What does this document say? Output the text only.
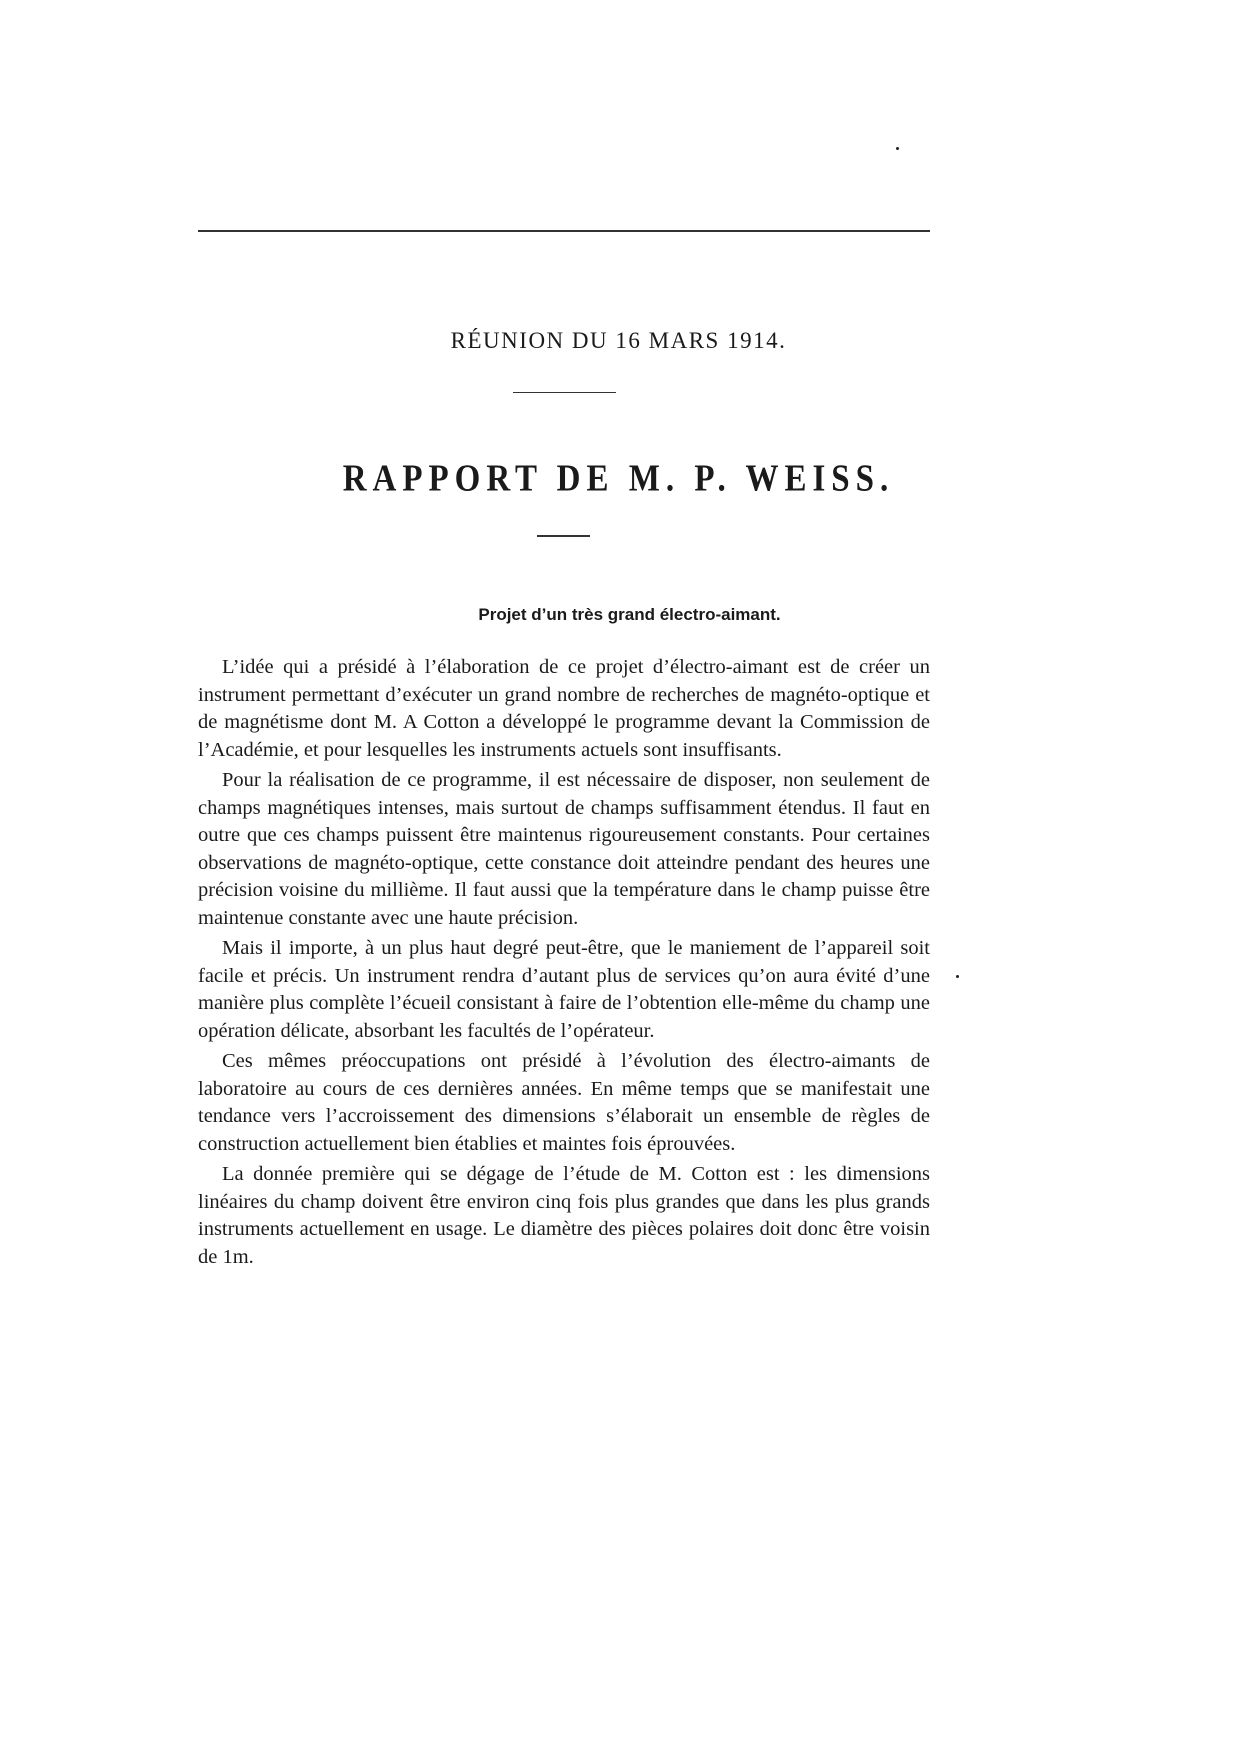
RÉUNION DU 16 MARS 1914.
RAPPORT DE M. P. WEISS.
Projet d’un très grand électro-aimant.

L’idée qui a présidé à l’élaboration de ce projet d’électro-aimant est de créer un instrument permettant d’exécuter un grand nombre de recherches de magnéto-optique et de magnétisme dont M. A Cotton a développé le programme devant la Commission de l’Académie, et pour lesquelles les instruments actuels sont insuffisants.

Pour la réalisation de ce programme, il est nécessaire de disposer, non seulement de champs magnétiques intenses, mais surtout de champs suffisamment étendus. Il faut en outre que ces champs puissent être maintenus rigoureusement constants. Pour certaines observations de magnéto-optique, cette constance doit atteindre pendant des heures une précision voisine du millième. Il faut aussi que la température dans le champ puisse être maintenue constante avec une haute précision.

Mais il importe, à un plus haut degré peut-être, que le maniement de l’appareil soit facile et précis. Un instrument rendra d’autant plus de services qu’on aura évité d’une manière plus complète l’écueil consistant à faire de l’obtention elle-même du champ une opération délicate, absorbant les facultés de l’opérateur.

Ces mêmes préoccupations ont présidé à l’évolution des électro-aimants de laboratoire au cours de ces dernières années. En même temps que se manifestait une tendance vers l’accroissement des dimensions s’élaborait un ensemble de règles de construction actuellement bien établies et maintes fois éprouvées.

La donnée première qui se dégage de l’étude de M. Cotton est : les dimensions linéaires du champ doivent être environ cinq fois plus grandes que dans les plus grands instruments actuellement en usage. Le diamètre des pièces polaires doit donc être voisin de 1m.
